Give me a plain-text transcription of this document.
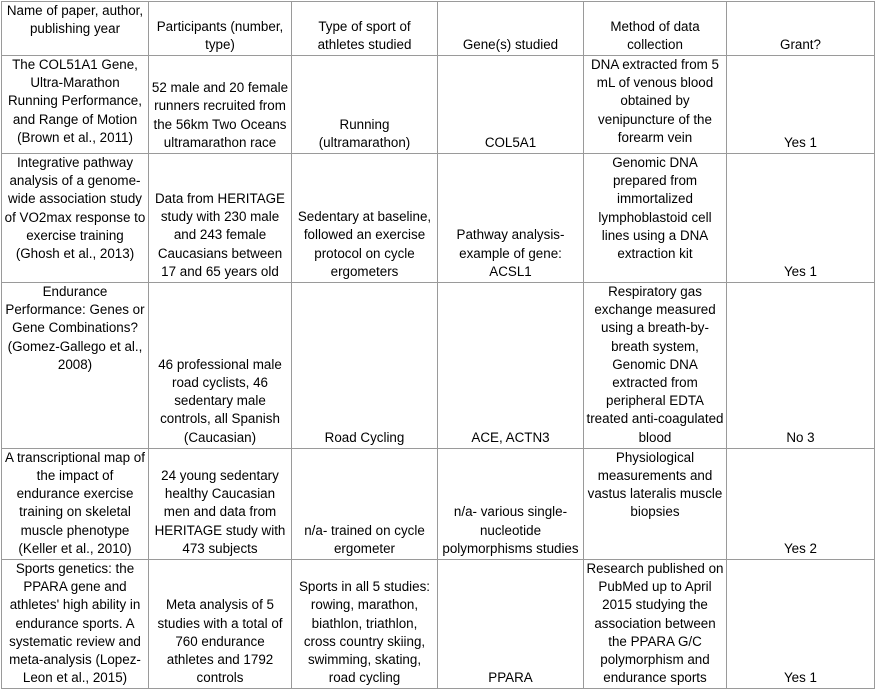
Name of paper, author, publishing year	Participants (number, type)	Type of sport of athletes studied	Gene(s) studied	Method of data collection	Grant?
The COL51A1 Gene, Ultra-Marathon Running Performance, and Range of Motion (Brown et al., 2011)	52 male and 20 female runners recruited from the 56km Two Oceans ultramarathon race	Running (ultramarathon)	COL5A1	DNA extracted from 5 mL of venous blood obtained by venipuncture of the forearm vein	Yes 1
Integrative pathway analysis of a genome-wide association study of VO2max response to exercise training (Ghosh et al., 2013)	Data from HERITAGE study with 230 male and 243 female Caucasians between 17 and 65 years old	Sedentary at baseline, followed an exercise protocol on cycle ergometers	Pathway analysis- example of gene: ACSL1	Genomic DNA prepared from immortalized lymphoblastoid cell lines using a DNA extraction kit	Yes 1
Endurance Performance: Genes or Gene Combinations? (Gomez-Gallego et al., 2008)	46 professional male road cyclists, 46 sedentary male controls, all Spanish (Caucasian)	Road Cycling	ACE, ACTN3	Respiratory gas exchange measured using a breath-by-breath system, Genomic DNA extracted from peripheral EDTA treated anti-coagulated blood	No 3
A transcriptional map of the impact of endurance exercise training on skeletal muscle phenotype (Keller et al., 2010)	24 young sedentary healthy Caucasian men and data from HERITAGE study with 473 subjects	n/a- trained on cycle ergometer	n/a- various single-nucleotide polymorphisms studies	Physiological measurements and vastus lateralis muscle biopsies	Yes 2
Sports genetics: the PPARA gene and athletes' high ability in endurance sports. A systematic review and meta-analysis (Lopez-Leon et al., 2015)	Meta analysis of 5 studies with a total of 760 endurance athletes and 1792 controls	Sports in all 5 studies: rowing, marathon, biathlon, triathlon, cross country skiing, swimming, skating, road cycling	PPARA	Research published on PubMed up to April 2015 studying the association between the PPARA G/C polymorphism and endurance sports	Yes 1
